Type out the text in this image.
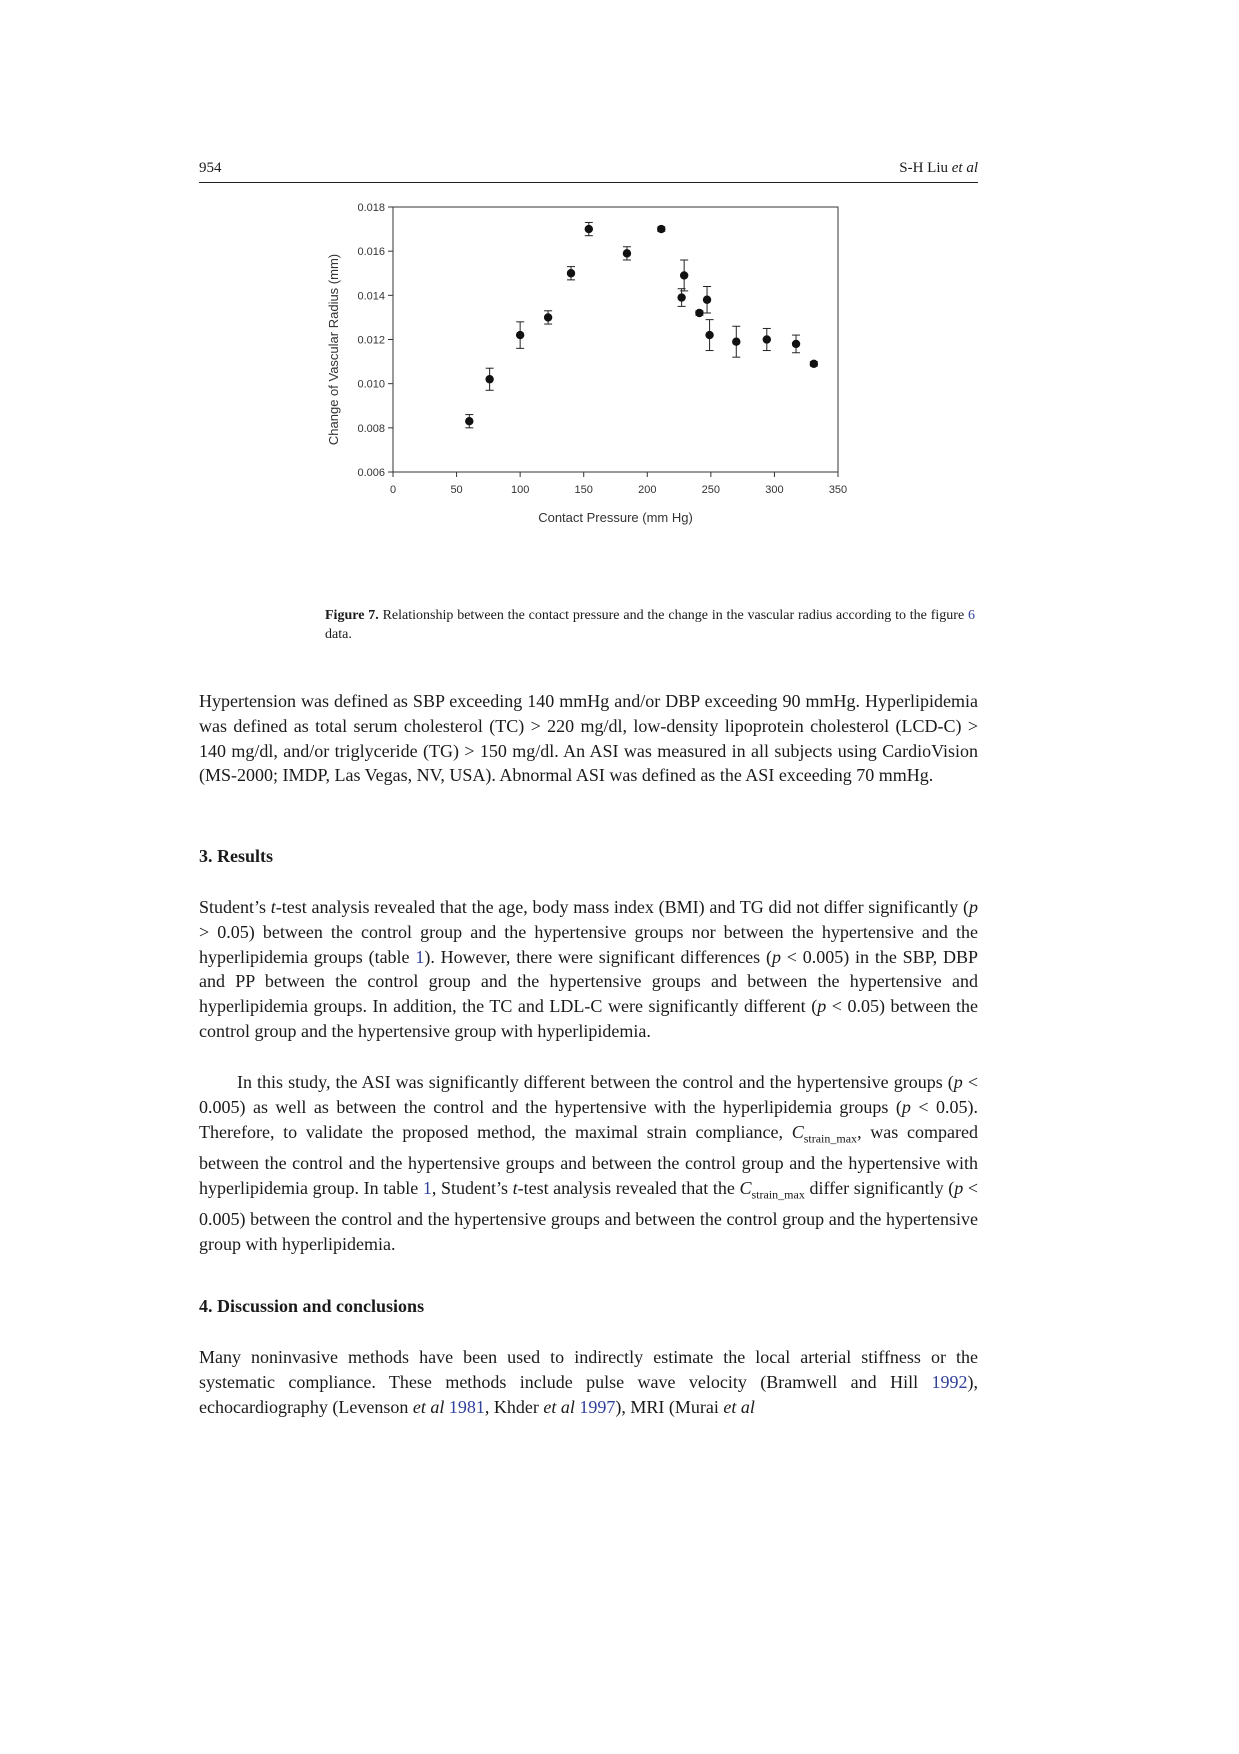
954	S-H Liu et al
0	50	100	150	200	250	300	350
0.006
0.008
0.010
0.012
0.014
0.016
0.018
Contact Pressure (mm Hg)
Change of Vascular Radius (mm)
Figure 7. Relationship between the contact pressure and the change in the vascular radius according to the figure 6 data.

Hypertension was defined as SBP exceeding 140 mmHg and/or DBP exceeding 90 mmHg. Hyperlipidemia was defined as total serum cholesterol (TC) > 220 mg/dl, low-density lipoprotein cholesterol (LCD-C) > 140 mg/dl, and/or triglyceride (TG) > 150 mg/dl. An ASI was measured in all subjects using CardioVision (MS-2000; IMDP, Las Vegas, NV, USA). Abnormal ASI was defined as the ASI exceeding 70 mmHg.

3. Results

Student’s t-test analysis revealed that the age, body mass index (BMI) and TG did not differ significantly (p > 0.05) between the control group and the hypertensive groups nor between the hypertensive and the hyperlipidemia groups (table 1). However, there were significant differences (p < 0.005) in the SBP, DBP and PP between the control group and the hypertensive groups and between the hypertensive and hyperlipidemia groups. In addition, the TC and LDL-C were significantly different (p < 0.05) between the control group and the hypertensive group with hyperlipidemia.

In this study, the ASI was significantly different between the control and the hypertensive groups (p < 0.005) as well as between the control and the hypertensive with the hyperlipidemia groups (p < 0.05). Therefore, to validate the proposed method, the maximal strain compliance, $C_{strain\_max}$, was compared between the control and the hypertensive groups and between the control group and the hypertensive with hyperlipidemia group. In table 1, Student’s t-test analysis revealed that the $C_{strain\_max}$ differ significantly (p < 0.005) between the control and the hypertensive groups and between the control group and the hypertensive group with hyperlipidemia.

4. Discussion and conclusions

Many noninvasive methods have been used to indirectly estimate the local arterial stiffness or the systematic compliance. These methods include pulse wave velocity (Bramwell and Hill 1992), echocardiography (Levenson et al 1981, Khder et al 1997), MRI (Murai et al
